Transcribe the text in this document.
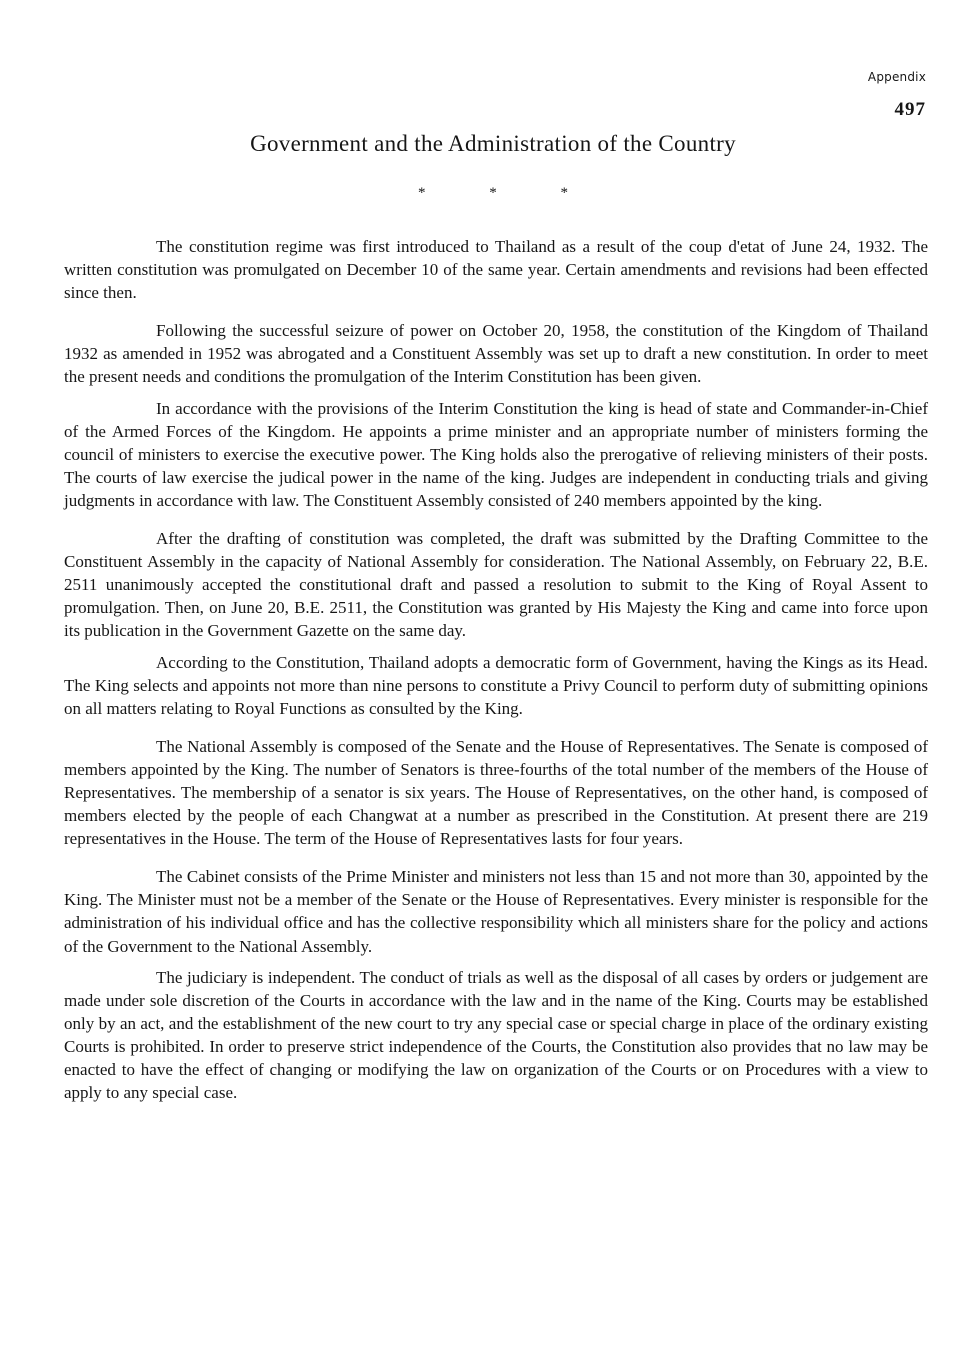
Appendix
497
Government and the Administration of the Country
* * *

The constitution regime was first introduced to Thailand as a result of the coup d'etat of June 24, 1932. The written constitution was promulgated on December 10 of the same year. Certain amendments and revisions had been effected since then.

Following the successful seizure of power on October 20, 1958, the constitution of the Kingdom of Thailand 1932 as amended in 1952 was abrogated and a Constituent Assembly was set up to draft a new constitution. In order to meet the present needs and conditions the promulgation of the Interim Constitution has been given.

In accordance with the provisions of the Interim Constitution the king is head of state and Commander-in-Chief of the Armed Forces of the Kingdom. He appoints a prime minister and an appropriate number of ministers forming the council of ministers to exercise the executive power. The King holds also the prerogative of relieving ministers of their posts. The courts of law exercise the judical power in the name of the king. Judges are independent in conducting trials and giving judgments in accordance with law. The Constituent Assembly consisted of 240 members appointed by the king.

After the drafting of constitution was completed, the draft was submitted by the Drafting Committee to the Constituent Assembly in the capacity of National Assembly for consideration. The National Assembly, on February 22, B.E. 2511 unanimously accepted the constitutional draft and passed a resolution to submit to the King of Royal Assent to promulgation. Then, on June 20, B.E. 2511, the Constitution was granted by His Majesty the King and came into force upon its publication in the Government Gazette on the same day.

According to the Constitution, Thailand adopts a democratic form of Government, having the Kings as its Head. The King selects and appoints not more than nine persons to constitute a Privy Council to perform duty of submitting opinions on all matters relating to Royal Functions as consulted by the King.

The National Assembly is composed of the Senate and the House of Representatives. The Senate is composed of members appointed by the King. The number of Senators is three-fourths of the total number of the members of the House of Representatives. The membership of a senator is six years. The House of Representatives, on the other hand, is composed of members elected by the people of each Changwat at a number as prescribed in the Constitution. At present there are 219 representatives in the House. The term of the House of Representatives lasts for four years.

The Cabinet consists of the Prime Minister and ministers not less than 15 and not more than 30, appointed by the King. The Minister must not be a member of the Senate or the House of Representatives. Every minister is responsible for the administration of his individual office and has the collective responsibility which all ministers share for the policy and actions of the Government to the National Assembly.

The judiciary is independent. The conduct of trials as well as the disposal of all cases by orders or judgement are made under sole discretion of the Courts in accordance with the law and in the name of the King. Courts may be established only by an act, and the establishment of the new court to try any special case or special charge in place of the ordinary existing Courts is prohibited. In order to preserve strict independence of the Courts, the Constitution also provides that no law may be enacted to have the effect of changing or modifying the law on organization of the Courts or on Procedures with a view to apply to any special case.
